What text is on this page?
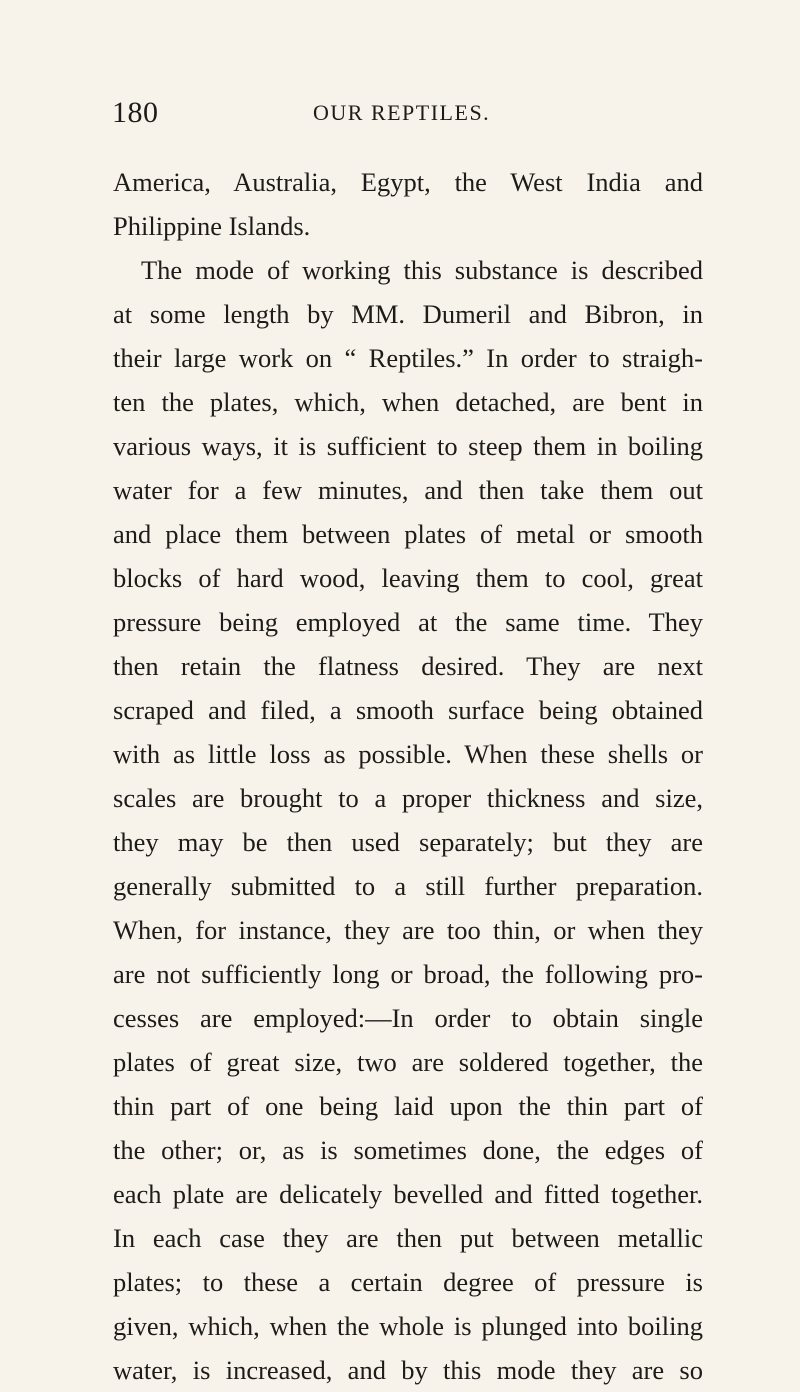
180	OUR REPTILES.
America, Australia, Egypt, the West India and
Philippine Islands.
The mode of working this substance is described
at some length by MM. Dumeril and Bibron, in
their large work on “ Reptiles.” In order to straigh-
ten the plates, which, when detached, are bent in
various ways, it is sufficient to steep them in boiling
water for a few minutes, and then take them out
and place them between plates of metal or smooth
blocks of hard wood, leaving them to cool, great
pressure being employed at the same time. They
then retain the flatness desired. They are next
scraped and filed, a smooth surface being obtained
with as little loss as possible. When these shells or
scales are brought to a proper thickness and size,
they may be then used separately; but they are
generally submitted to a still further preparation.
When, for instance, they are too thin, or when they
are not sufficiently long or broad, the following pro-
cesses are employed:—In order to obtain single
plates of great size, two are soldered together, the
thin part of one being laid upon the thin part of
the other; or, as is sometimes done, the edges of
each plate are delicately bevelled and fitted together.
In each case they are then put between metallic
plates; to these a certain degree of pressure is
given, which, when the whole is plunged into boiling
water, is increased, and by this mode they are so
